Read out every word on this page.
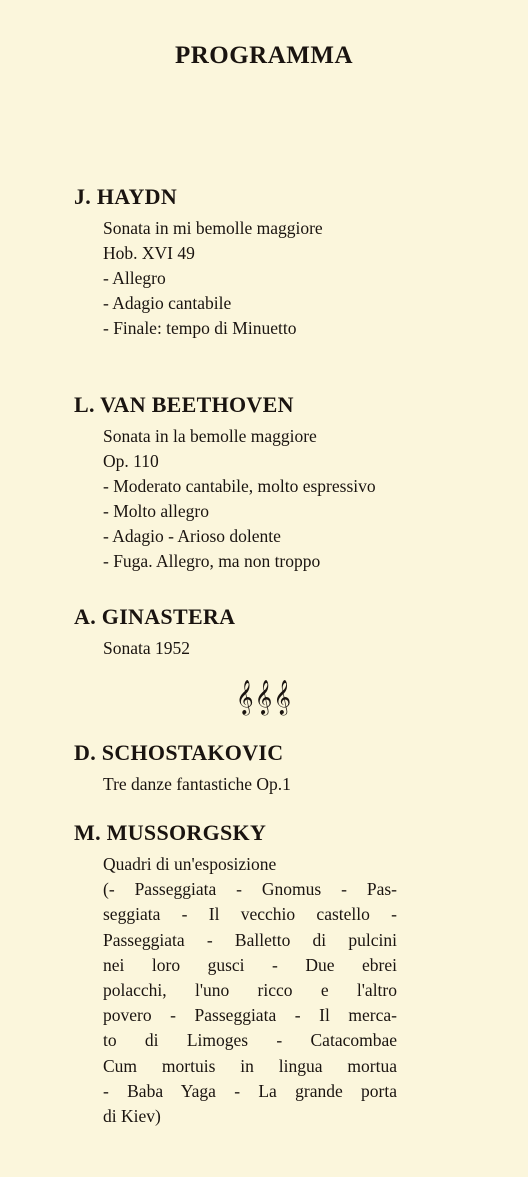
PROGRAMMA
J. HAYDN
Sonata in mi bemolle maggiore
Hob. XVI 49
- Allegro
- Adagio cantabile
- Finale: tempo di Minuetto
L. VAN BEETHOVEN
Sonata in la bemolle maggiore
Op. 110
- Moderato cantabile, molto espressivo
- Molto allegro
- Adagio - Arioso dolente
- Fuga. Allegro, ma non troppo
A. GINASTERA
Sonata 1952
𝄞𝄞𝄞
D. SCHOSTAKOVIC
Tre danze fantastiche Op.1
M. MUSSORGSKY
Quadri di un'esposizione
(- Passeggiata - Gnomus - Pas-
seggiata - Il vecchio castello -
Passeggiata - Balletto di pulcini
nei loro gusci - Due ebrei
polacchi, l'uno ricco e l'altro
povero - Passeggiata - Il merca-
to di Limoges - Catacombae
Cum mortuis in lingua mortua
- Baba Yaga - La grande porta
di Kiev)
